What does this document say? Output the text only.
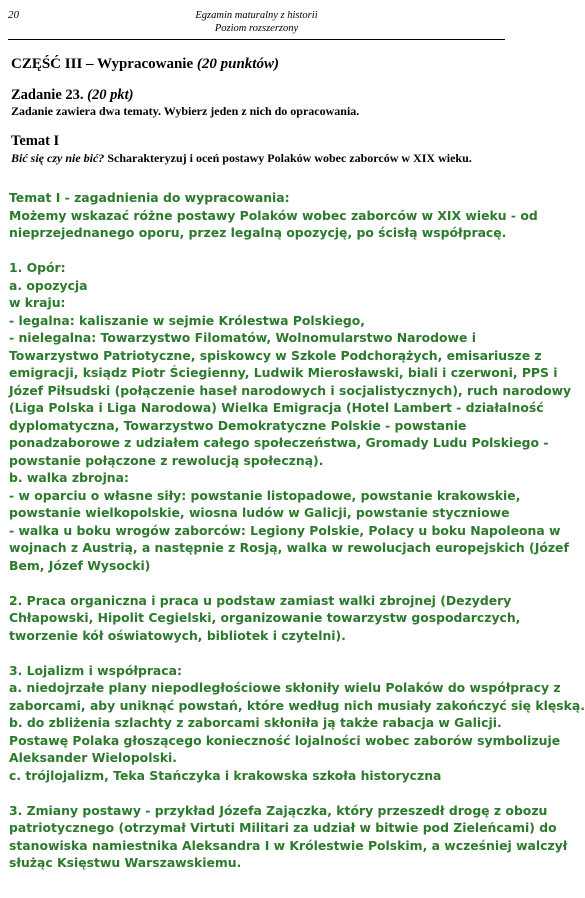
20	Egzamin maturalny z historii
Poziom rozszerzony
CZĘŚĆ III – Wypracowanie (20 punktów)
Zadanie 23. (20 pkt)
Zadanie zawiera dwa tematy. Wybierz jeden z nich do opracowania.
Temat I
Bić się czy nie bić? Scharakteryzuj i oceń postawy Polaków wobec zaborców w XIX wieku.

Temat I - zagadnienia do wypracowania:

Możemy wskazać różne postawy Polaków wobec zaborców w XIX wieku - od

nieprzejednanego oporu, przez legalną opozycję, po ścisłą współpracę.

1. Opór:

a. opozycja

w kraju:

- legalna: kaliszanie w sejmie Królestwa Polskiego,

- nielegalna: Towarzystwo Filomatów, Wolnomularstwo Narodowe i

Towarzystwo Patriotyczne, spiskowcy w Szkole Podchorążych, emisariusze z

emigracji, ksiądz Piotr Ściegienny, Ludwik Mierosławski, biali i czerwoni, PPS i

Józef Piłsudski (połączenie haseł narodowych i socjalistycznych), ruch narodowy

(Liga Polska i Liga Narodowa) Wielka Emigracja (Hotel Lambert - działalność

dyplomatyczna, Towarzystwo Demokratyczne Polskie - powstanie

ponadzaborowe z udziałem całego społeczeństwa, Gromady Ludu Polskiego -

powstanie połączone z rewolucją społeczną).

b. walka zbrojna:

- w oparciu o własne siły: powstanie listopadowe, powstanie krakowskie,

powstanie wielkopolskie, wiosna ludów w Galicji, powstanie styczniowe

- walka u boku wrogów zaborców: Legiony Polskie, Polacy u boku Napoleona w

wojnach z Austrią, a następnie z Rosją, walka w rewolucjach europejskich (Józef

Bem, Józef Wysocki)

2. Praca organiczna i praca u podstaw zamiast walki zbrojnej (Dezydery

Chłapowski, Hipolit Cegielski, organizowanie towarzystw gospodarczych,

tworzenie kół oświatowych, bibliotek i czytelni).

3. Lojalizm i współpraca:

a. niedojrzałe plany niepodległościowe skłoniły wielu Polaków do współpracy z

zaborcami, aby uniknąć powstań, które według nich musiały zakończyć się klęską.

b. do zbliżenia szlachty z zaborcami skłoniła ją także rabacja w Galicji.

Postawę Polaka głoszącego konieczność lojalności wobec zaborów symbolizuje

Aleksander Wielopolski.

c. trójlojalizm, Teka Stańczyka i krakowska szkoła historyczna

3. Zmiany postawy - przykład Józefa Zajączka, który przeszedł drogę z obozu

patriotycznego (otrzymał Virtuti Militari za udział w bitwie pod Zieleńcami) do

stanowiska namiestnika Aleksandra I w Królestwie Polskim, a wcześniej walczył

służąc Księstwu Warszawskiemu.
